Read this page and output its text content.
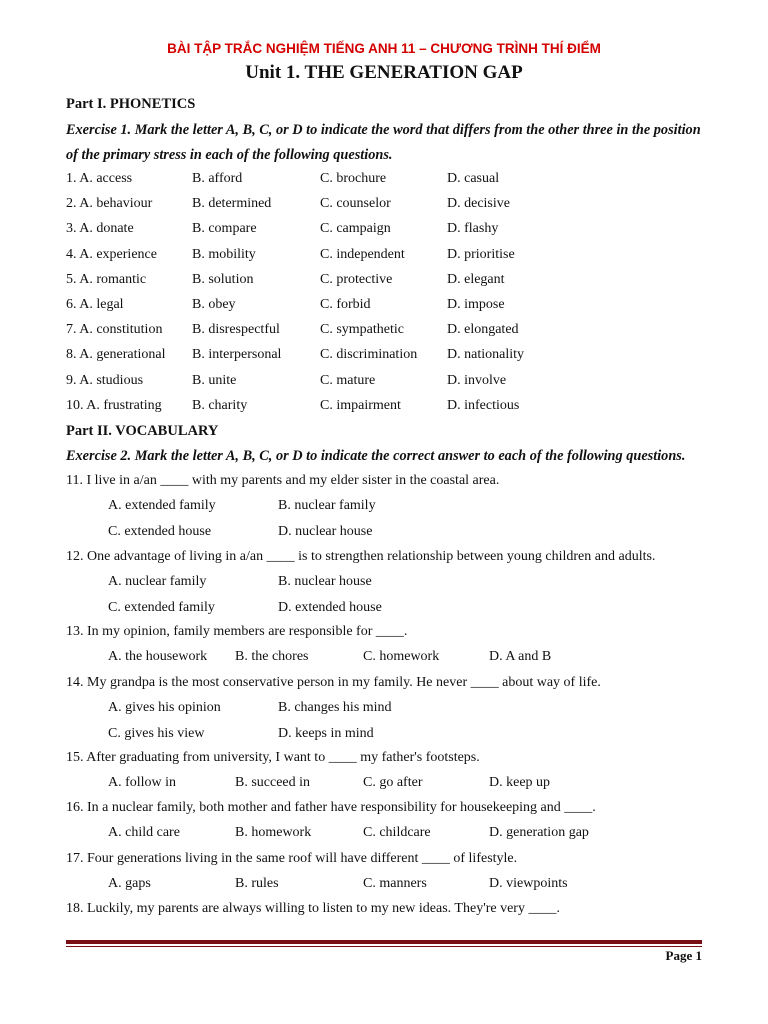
BÀI TẬP TRẮC NGHIỆM TIẾNG ANH 11 – CHƯƠNG TRÌNH THÍ ĐIỂM
Unit 1. THE GENERATION GAP
Part I. PHONETICS
Exercise 1. Mark the letter A, B, C, or D to indicate the word that differs from the other three in the position
of the primary stress in each of the following questions.
1. A. access	B. afford	C. brochure	D. casual
2. A. behaviour	B. determined	C. counselor	D. decisive
3. A. donate	B. compare	C. campaign	D. flashy
4. A. experience	B. mobility	C. independent	D. prioritise
5. A. romantic	B. solution	C. protective	D. elegant
6. A. legal	B. obey	C. forbid	D. impose
7. A. constitution B. disrespectful	C. sympathetic	D. elongated
8. A. generational B. interpersonal	C. discrimination D. nationality
9. A. studious	B. unite	C. mature	D. involve
10. A. frustrating B. charity	C. impairment	D. infectious
Part II. VOCABULARY
Exercise 2. Mark the letter A, B, C, or D to indicate the correct answer to each of the following questions.
11. I live in a/an ____ with my parents and my elder sister in the coastal area.
A. extended family	B. nuclear family
C. extended house	D. nuclear house
12. One advantage of living in a/an ____ is to strengthen relationship between young children and adults.
A. nuclear family	B. nuclear house
C. extended family	D. extended house
13. In my opinion, family members are responsible for ____.
A. the housework B. the chores	C. homework	D. A and B
14. My grandpa is the most conservative person in my family. He never ____ about way of life.
A. gives his opinion	B. changes his mind
C. gives his view	D. keeps in mind
15. After graduating from university, I want to ____ my father's footsteps.
A. follow in	B. succeed in	C. go after	D. keep up
16. In a nuclear family, both mother and father have responsibility for housekeeping and ____.
A. child care	B. homework	C. childcare	D. generation gap
17. Four generations living in the same roof will have different ____ of lifestyle.
A. gaps	B. rules	C. manners	D. viewpoints
18. Luckily, my parents are always willing to listen to my new ideas. They're very ____.
Page 1
